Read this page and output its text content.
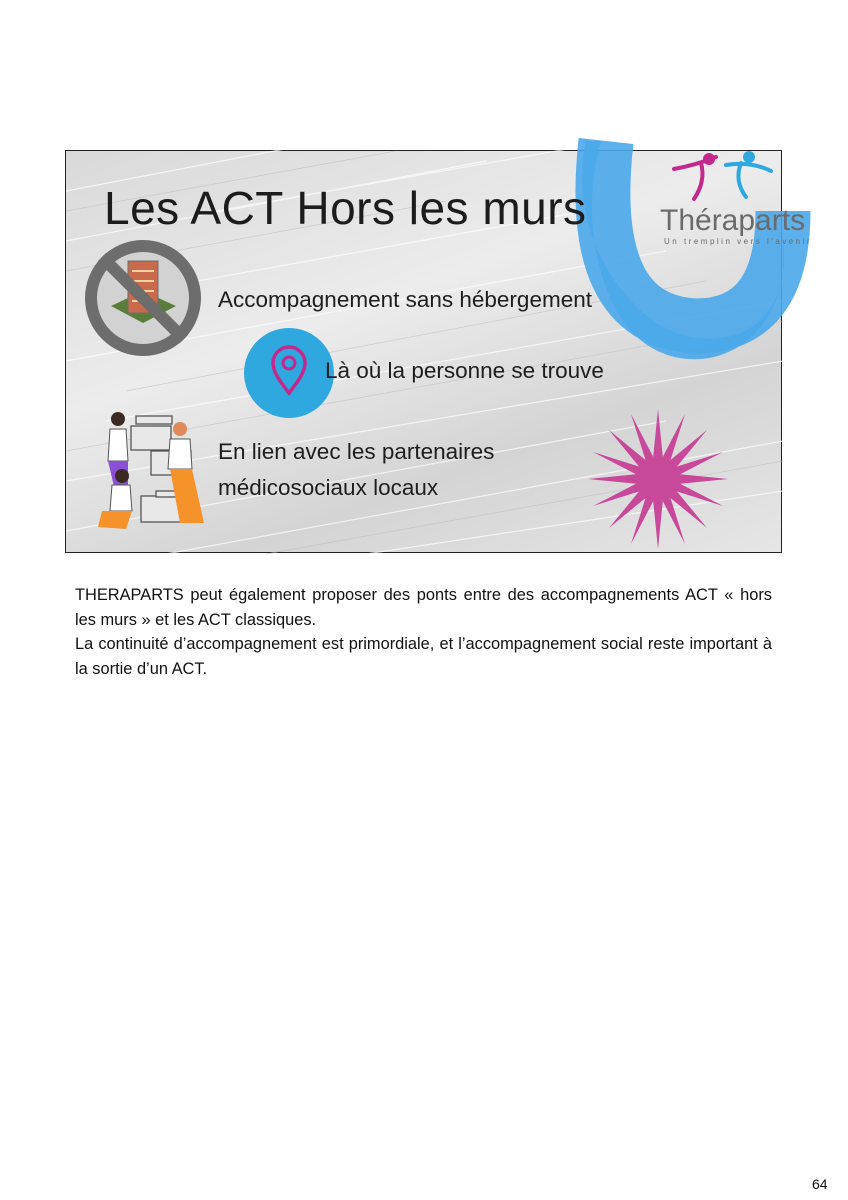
Les ACT Hors les murs Théraparts
Un tremplin vers l'avenir
Accompagnement sans hébergement
Là où la personne se trouve
En lien avec les partenaires
médicosociaux locaux

THERAPARTS peut également proposer des ponts entre des accompagnements ACT « hors les murs » et les ACT classiques.

La continuité d’accompagnement est primordiale, et l’accompagnement social reste important à la sortie d’un ACT.

64
